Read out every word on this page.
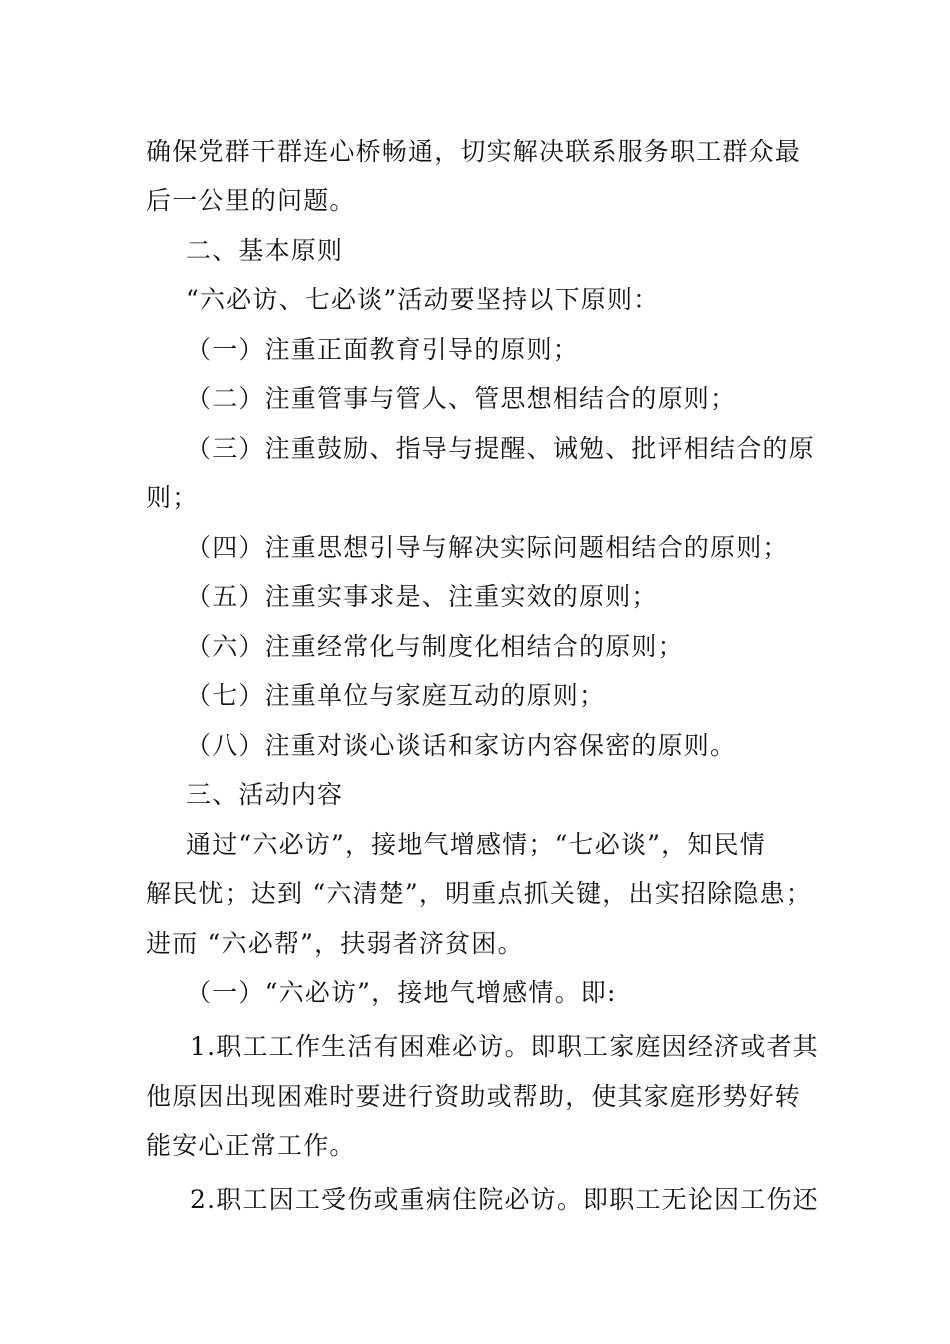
确保党群干群连心桥畅通，切实解决联系服务职工群众最
后一公里的问题。
二、基本原则
“六必访、七必谈”活动要坚持以下原则：
（一）注重正面教育引导的原则；
（二）注重管事与管人、管思想相结合的原则；
（三）注重鼓励、指导与提醒、诫勉、批评相结合的原
则；
（四）注重思想引导与解决实际问题相结合的原则；
（五）注重实事求是、注重实效的原则；
（六）注重经常化与制度化相结合的原则；
（七）注重单位与家庭互动的原则；
（八）注重对谈心谈话和家访内容保密的原则。
三、活动内容
通过“六必访”，接地气增感情；“七必谈”，知民情
解民忧；达到 “六清楚”，明重点抓关键，出实招除隐患；
进而 “六必帮”，扶弱者济贫困。
（一）“六必访”，接地气增感情。即:
1.职工工作生活有困难必访。即职工家庭因经济或者其
他原因出现困难时要进行资助或帮助，使其家庭形势好转
能安心正常工作。
2.职工因工受伤或重病住院必访。即职工无论因工伤还
